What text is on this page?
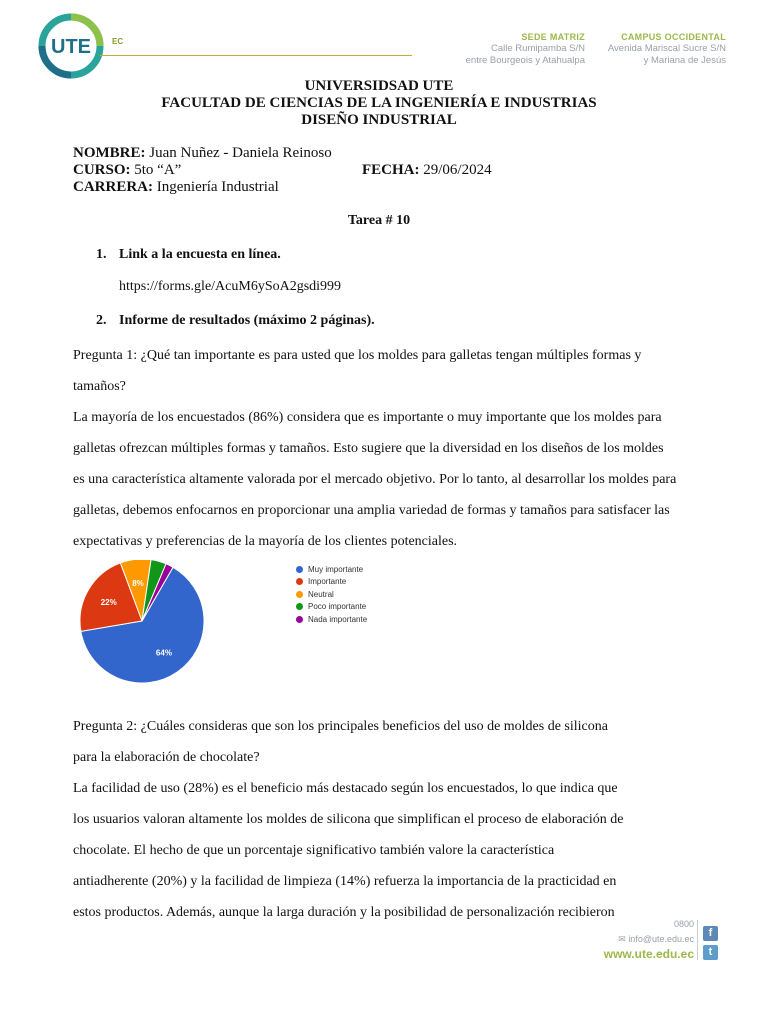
UTE	EC	SEDE MATRIZ
Calle Rumipamba S/N
entre Bourgeois y Atahualpa
CAMPUS OCCIDENTAL
Avenida Mariscal Sucre S/N
y Mariana de Jesús
UNIVERSIDSAD UTE
FACULTAD DE CIENCIAS DE LA INGENIERÍA E INDUSTRIAS
DISEÑO INDUSTRIAL
NOMBRE: Juan Nuñez - Daniela Reinoso
CURSO: 5to “A”	FECHA: 29/06/2024
CARRERA: Ingeniería Industrial
Tarea # 10
1. Link a la encuesta en línea.
https://forms.gle/AcuM6ySoA2gsdi999
2. Informe de resultados (máximo 2 páginas).
Pregunta 1: ¿Qué tan importante es para usted que los moldes para galletas tengan múltiples formas y
tamaños?
La mayoría de los encuestados (86%) considera que es importante o muy importante que los moldes para
galletas ofrezcan múltiples formas y tamaños. Esto sugiere que la diversidad en los diseños de los moldes
es una característica altamente valorada por el mercado objetivo. Por lo tanto, al desarrollar los moldes para
galletas, debemos enfocarnos en proporcionar una amplia variedad de formas y tamaños para satisfacer las
expectativas y preferencias de la mayoría de los clientes potenciales.
64%
22%
8%
Muy importante
Importante
Neutral
Poco importante
Nada importante
Pregunta 2: ¿Cuáles consideras que son los principales beneficios del uso de moldes de silicona
para la elaboración de chocolate?
La facilidad de uso (28%) es el beneficio más destacado según los encuestados, lo que indica que
los usuarios valoran altamente los moldes de silicona que simplifican el proceso de elaboración de
chocolate. El hecho de que un porcentaje significativo también valore la característica
antiadherente (20%) y la facilidad de limpieza (14%) refuerza la importancia de la practicidad en
estos productos. Además, aunque la larga duración y la posibilidad de personalización recibieron
0800
✉ info@ute.edu.ec
www.ute.edu.ec
f
t
